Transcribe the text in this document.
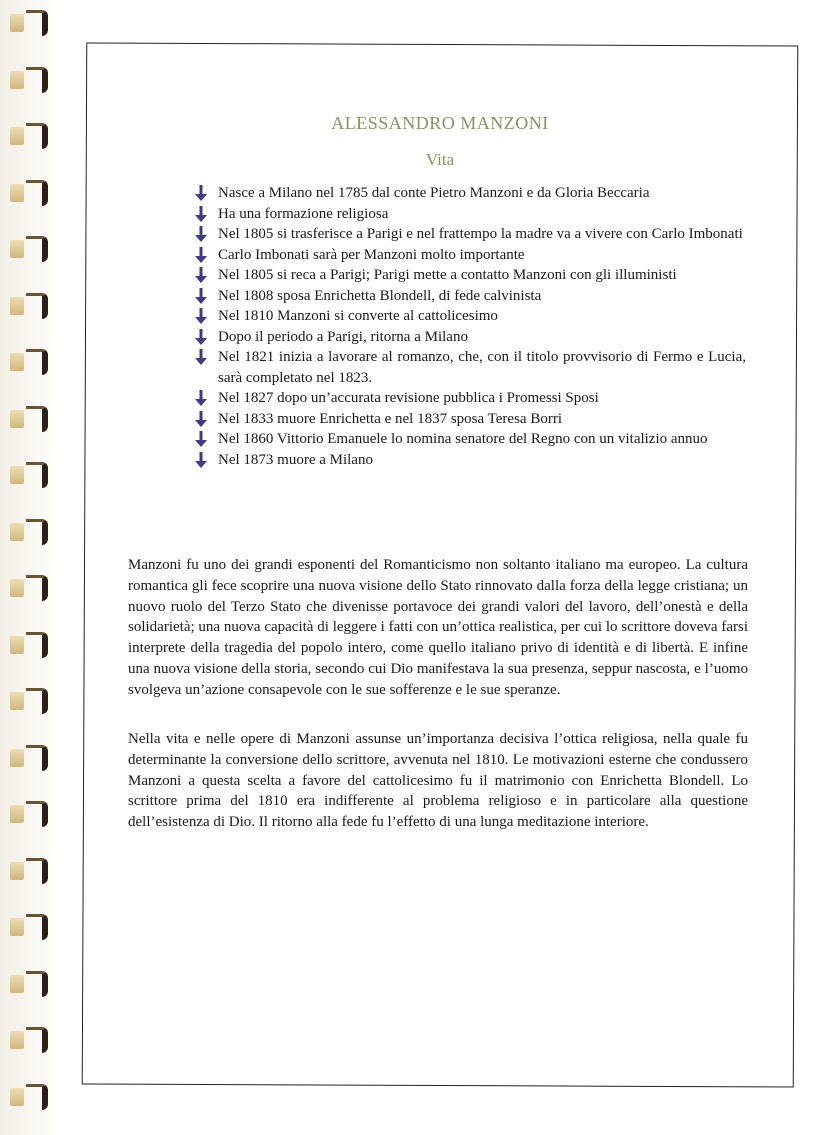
ALESSANDRO MANZONI
Vita
Nasce a Milano nel 1785 dal conte Pietro Manzoni e da Gloria Beccaria
Ha una formazione religiosa
Nel 1805 si trasferisce a Parigi e nel frattempo la madre va a vivere con Carlo Imbonati
Carlo Imbonati sarà per Manzoni molto importante
Nel 1805 si reca a Parigi; Parigi mette a contatto Manzoni con gli illuministi
Nel 1808 sposa Enrichetta Blondell, di fede calvinista
Nel 1810 Manzoni si converte al cattolicesimo
Dopo il periodo a Parigi, ritorna a Milano
Nel 1821 inizia a lavorare al romanzo, che, con il titolo provvisorio di Fermo e Lucia, sarà completato nel 1823.
Nel 1827 dopo un’accurata revisione pubblica i Promessi Sposi
Nel 1833 muore Enrichetta e nel 1837 sposa Teresa Borri
Nel 1860 Vittorio Emanuele lo nomina senatore del Regno con un vitalizio annuo
Nel 1873 muore a Milano

Manzoni fu uno dei grandi esponenti del Romanticismo non soltanto italiano ma europeo. La cultura romantica gli fece scoprire una nuova visione dello Stato rinnovato dalla forza della legge cristiana; un nuovo ruolo del Terzo Stato che divenisse portavoce dei grandi valori del lavoro, dell’onestà e della solidarietà; una nuova capacità di leggere i fatti con un’ottica realistica, per cui lo scrittore doveva farsi interprete della tragedia del popolo intero, come quello italiano privo di identità e di libertà. E infine una nuova visione della storia, secondo cui Dio manifestava la sua presenza, seppur nascosta, e l’uomo svolgeva un’azione consapevole con le sue sofferenze e le sue speranze.

Nella vita e nelle opere di Manzoni assunse un’importanza decisiva l’ottica religiosa, nella quale fu determinante la conversione dello scrittore, avvenuta nel 1810. Le motivazioni esterne che condussero Manzoni a questa scelta a favore del cattolicesimo fu il matrimonio con Enrichetta Blondell. Lo scrittore prima del 1810 era indifferente al problema religioso e in particolare alla questione dell’esistenza di Dio. Il ritorno alla fede fu l’effetto di una lunga meditazione interiore.
